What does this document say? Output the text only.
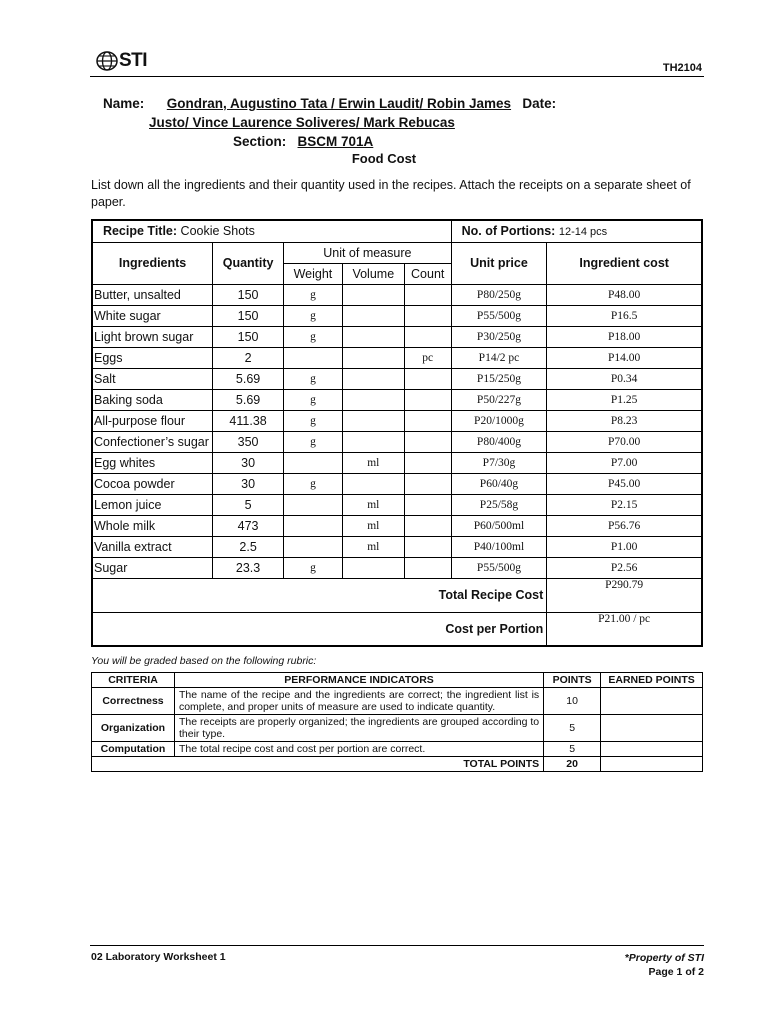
STI	TH2104
Name: Gondran, Augustino Tata / Erwin Laudit/ Robin James Date:
Justo/ Vince Laurence Soliveres/ Mark Rebucas
Section: BSCM 701A
Food Cost
List down all the ingredients and their quantity used in the recipes. Attach the receipts on a separate sheet of paper.
Recipe Title: Cookie Shots					No. of Portions: 12-14 pcs	
Ingredients	Quantity	Unit of measure			Unit price	Ingredient cost
		Weight	Volume	Count		
Butter, unsalted	150	g			P80/250g	P48.00
White sugar	150	g			P55/500g	P16.5
Light brown sugar	150	g			P30/250g	P18.00
Eggs	2			pc	P14/2 pc	P14.00
Salt	5.69	g			P15/250g	P0.34
Baking soda	5.69	g			P50/227g	P1.25
All-purpose flour	411.38	g			P20/1000g	P8.23
Confectioner’s sugar	350	g			P80/400g	P70.00
Egg whites	30		ml		P7/30g	P7.00
Cocoa powder	30	g			P60/40g	P45.00
Lemon juice	5		ml		P25/58g	P2.15
Whole milk	473		ml		P60/500ml	P56.76
Vanilla extract	2.5		ml		P40/100ml	P1.00
Sugar	23.3	g			P55/500g	P2.56
Total Recipe Cost						P290.79
Cost per Portion						P21.00 / pc
You will be graded based on the following rubric:
CRITERIA	PERFORMANCE INDICATORS	POINTS	EARNED POINTS
Correctness	The name of the recipe and the ingredients are correct; the ingredient list is complete, and proper units of measure are used to indicate quantity.	10	
Organization	The receipts are properly organized; the ingredients are grouped according to their type.	5	
Computation	The total recipe cost and cost per portion are correct.	5	
TOTAL POINTS		20	
02 Laboratory Worksheet 1	*Property of STI
Page 1 of 2
